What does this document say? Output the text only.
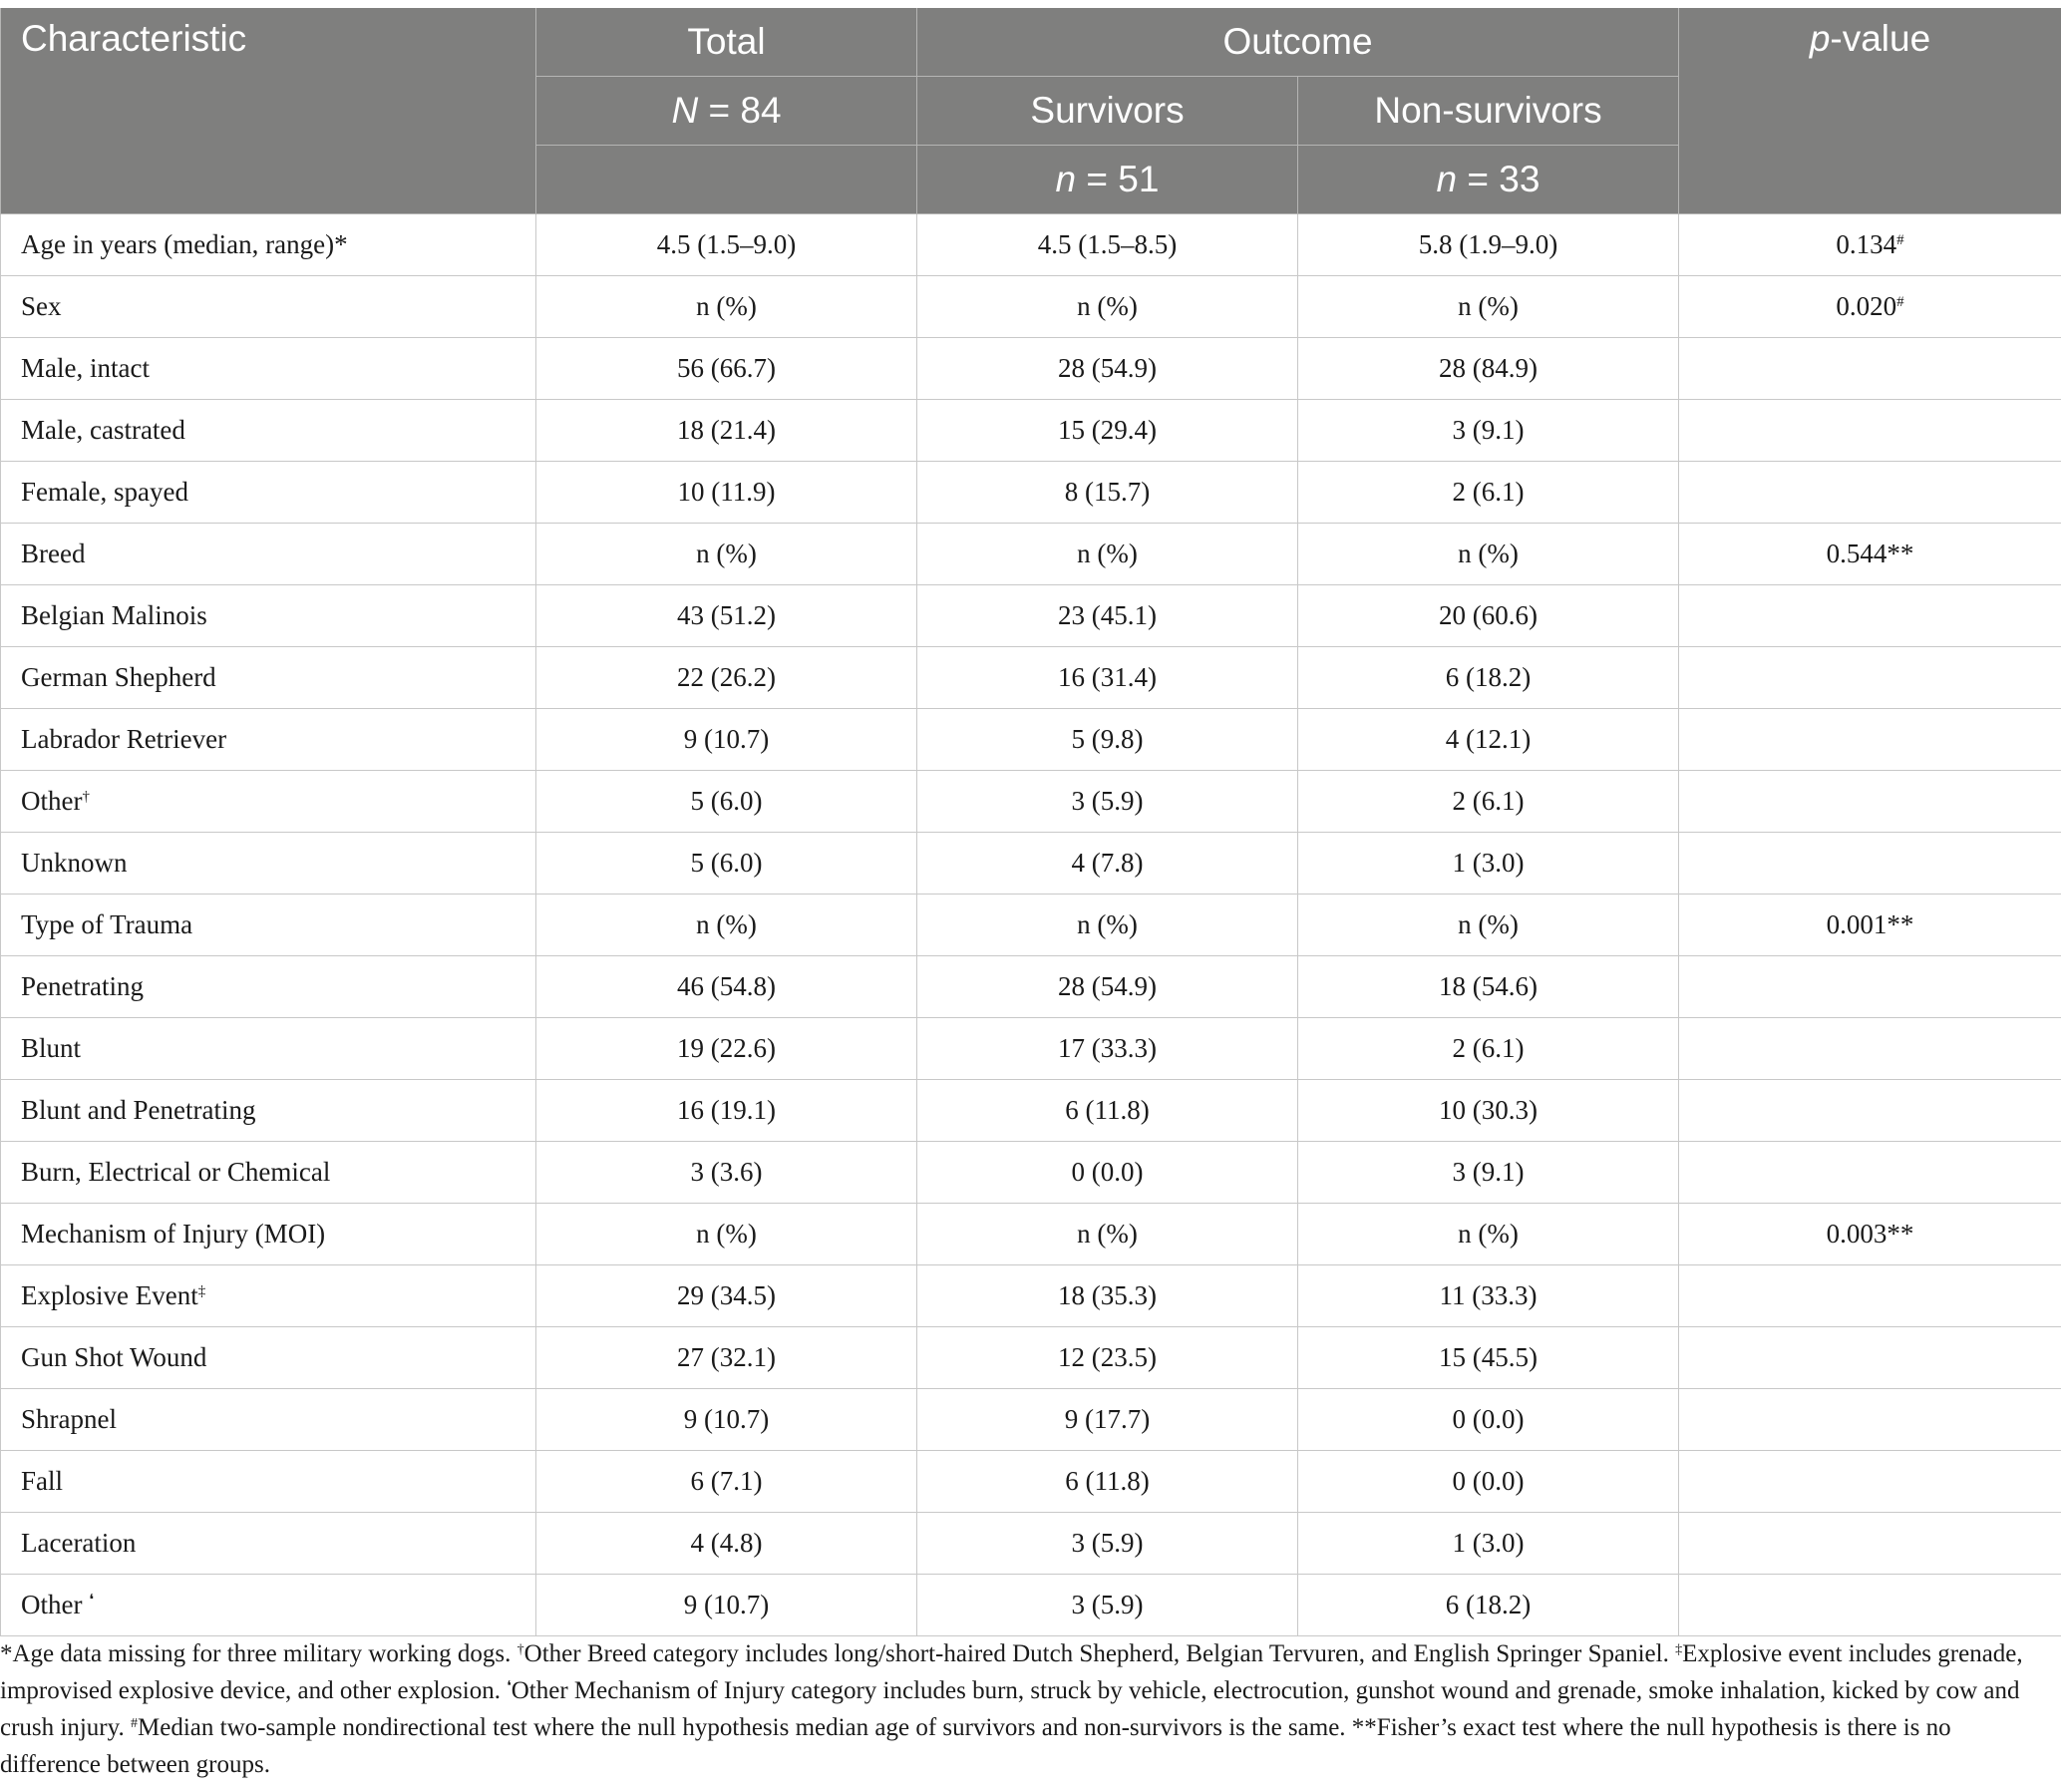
Characteristic	Total	Outcome		p-value
	N = 84	Survivors	Non-survivors	
		n = 51	n = 33	
Age in years (median, range)*	4.5 (1.5–9.0)	4.5 (1.5–8.5)	5.8 (1.9–9.0)	0.134#
Sex	n (%)	n (%)	n (%)	0.020#
Male, intact	56 (66.7)	28 (54.9)	28 (84.9)	
Male, castrated	18 (21.4)	15 (29.4)	3 (9.1)	
Female, spayed	10 (11.9)	8 (15.7)	2 (6.1)	
Breed	n (%)	n (%)	n (%)	0.544**
Belgian Malinois	43 (51.2)	23 (45.1)	20 (60.6)	
German Shepherd	22 (26.2)	16 (31.4)	6 (18.2)	
Labrador Retriever	9 (10.7)	5 (9.8)	4 (12.1)	
Other†	5 (6.0)	3 (5.9)	2 (6.1)	
Unknown	5 (6.0)	4 (7.8)	1 (3.0)	
Type of Trauma	n (%)	n (%)	n (%)	0.001**
Penetrating	46 (54.8)	28 (54.9)	18 (54.6)	
Blunt	19 (22.6)	17 (33.3)	2 (6.1)	
Blunt and Penetrating	16 (19.1)	6 (11.8)	10 (30.3)	
Burn, Electrical or Chemical	3 (3.6)	0 (0.0)	3 (9.1)	
Mechanism of Injury (MOI)	n (%)	n (%)	n (%)	0.003**
Explosive Event‡	29 (34.5)	18 (35.3)	11 (33.3)	
Gun Shot Wound	27 (32.1)	12 (23.5)	15 (45.5)	
Shrapnel	9 (10.7)	9 (17.7)	0 (0.0)	
Fall	6 (7.1)	6 (11.8)	0 (0.0)	
Laceration	4 (4.8)	3 (5.9)	1 (3.0)	
Other ❛	9 (10.7)	3 (5.9)	6 (18.2)	
*Age data missing for three military working dogs. †Other Breed category includes long/short-haired Dutch Shepherd, Belgian Tervuren, and English Springer Spaniel. ‡Explosive event includes grenade, improvised explosive device, and other explosion. ❛Other Mechanism of Injury category includes burn, struck by vehicle, electrocution, gunshot wound and grenade, smoke inhalation, kicked by cow and crush injury. #Median two-sample nondirectional test where the null hypothesis median age of survivors and non-survivors is the same. **Fisher’s exact test where the null hypothesis is there is no difference between groups.
